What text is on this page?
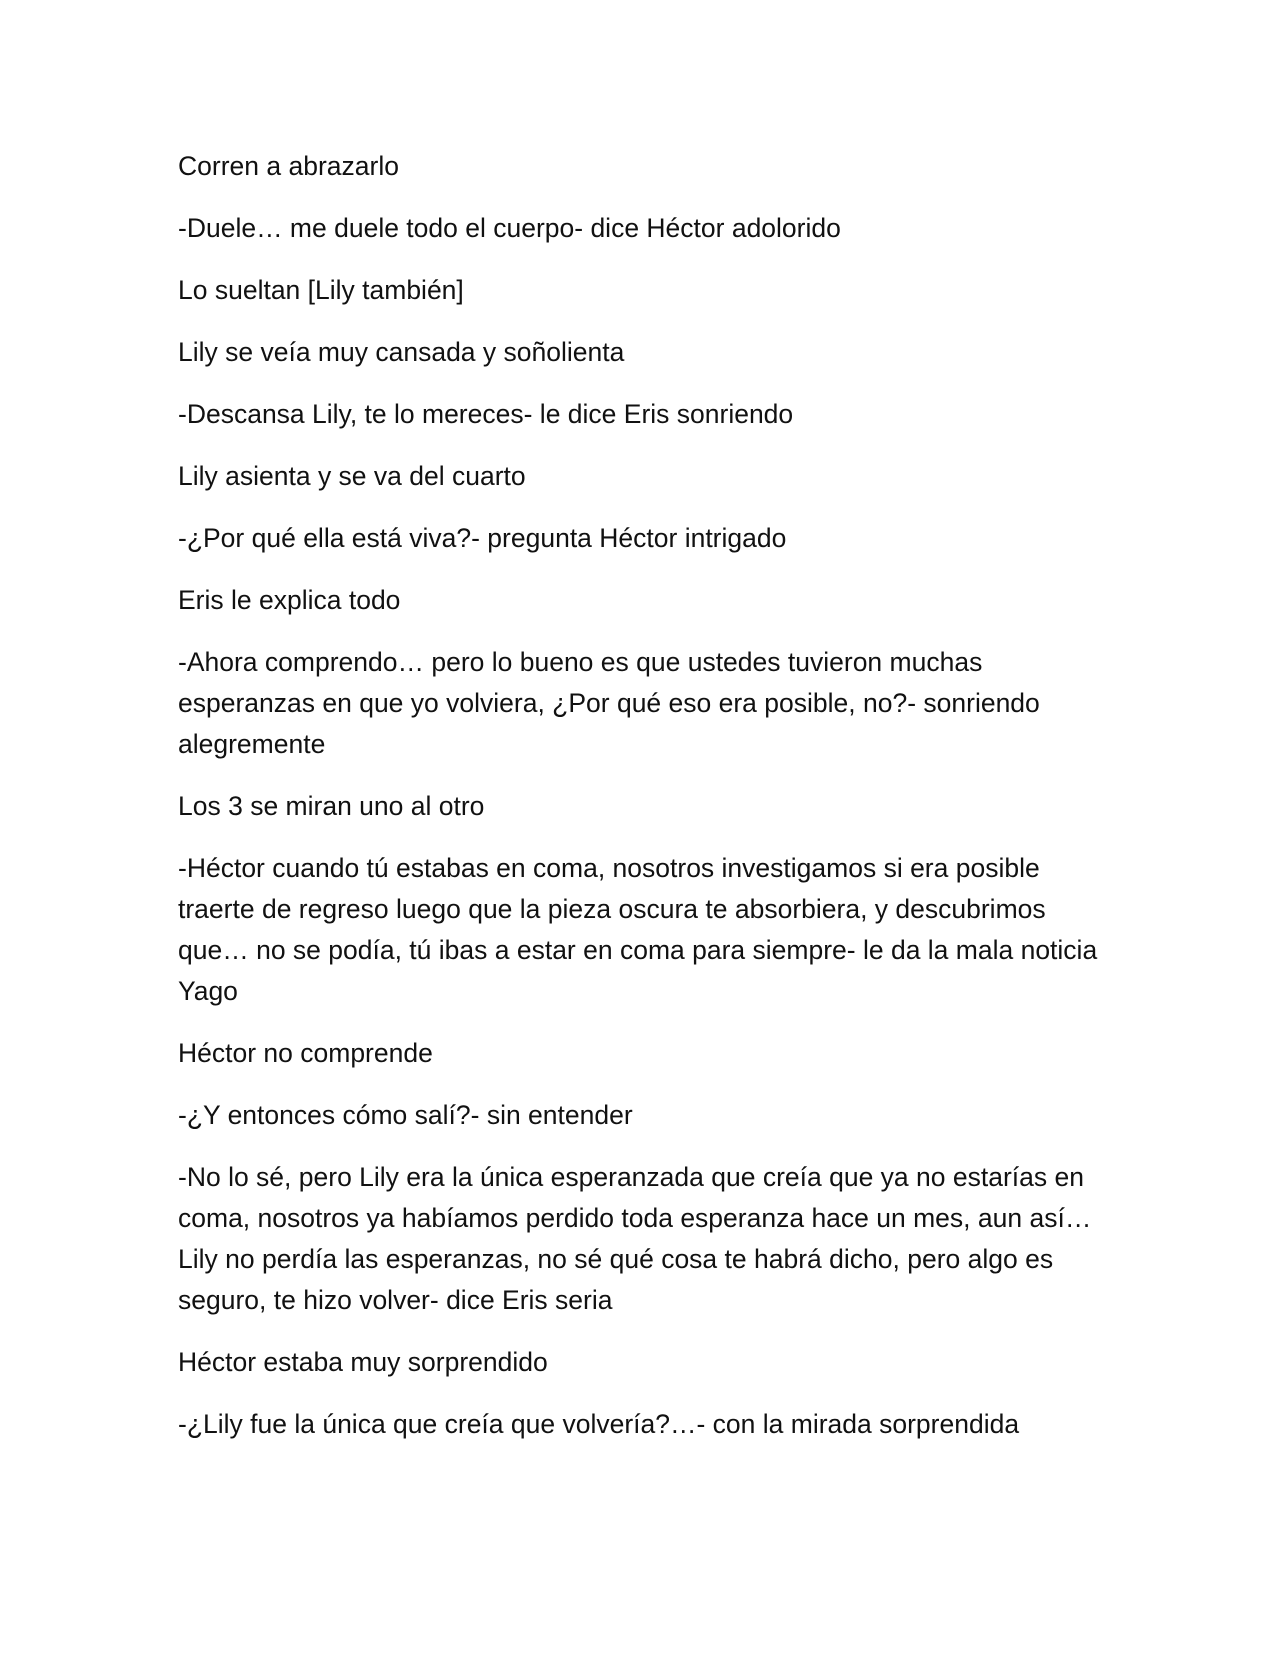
Corren a abrazarlo

-Duele… me duele todo el cuerpo- dice Héctor adolorido

Lo sueltan [Lily también]

Lily se veía muy cansada y soñolienta

-Descansa Lily, te lo mereces- le dice Eris sonriendo

Lily asienta y se va del cuarto

-¿Por qué ella está viva?- pregunta Héctor intrigado

Eris le explica todo

-Ahora comprendo… pero lo bueno es que ustedes tuvieron muchas
esperanzas en que yo volviera, ¿Por qué eso era posible, no?- sonriendo
alegremente

Los 3 se miran uno al otro

-Héctor cuando tú estabas en coma, nosotros investigamos si era posible
traerte de regreso luego que la pieza oscura te absorbiera, y descubrimos
que… no se podía, tú ibas a estar en coma para siempre- le da la mala noticia
Yago

Héctor no comprende

-¿Y entonces cómo salí?- sin entender

-No lo sé, pero Lily era la única esperanzada que creía que ya no estarías en
coma, nosotros ya habíamos perdido toda esperanza hace un mes, aun así…
Lily no perdía las esperanzas, no sé qué cosa te habrá dicho, pero algo es
seguro, te hizo volver- dice Eris seria

Héctor estaba muy sorprendido

-¿Lily fue la única que creía que volvería?…- con la mirada sorprendida
